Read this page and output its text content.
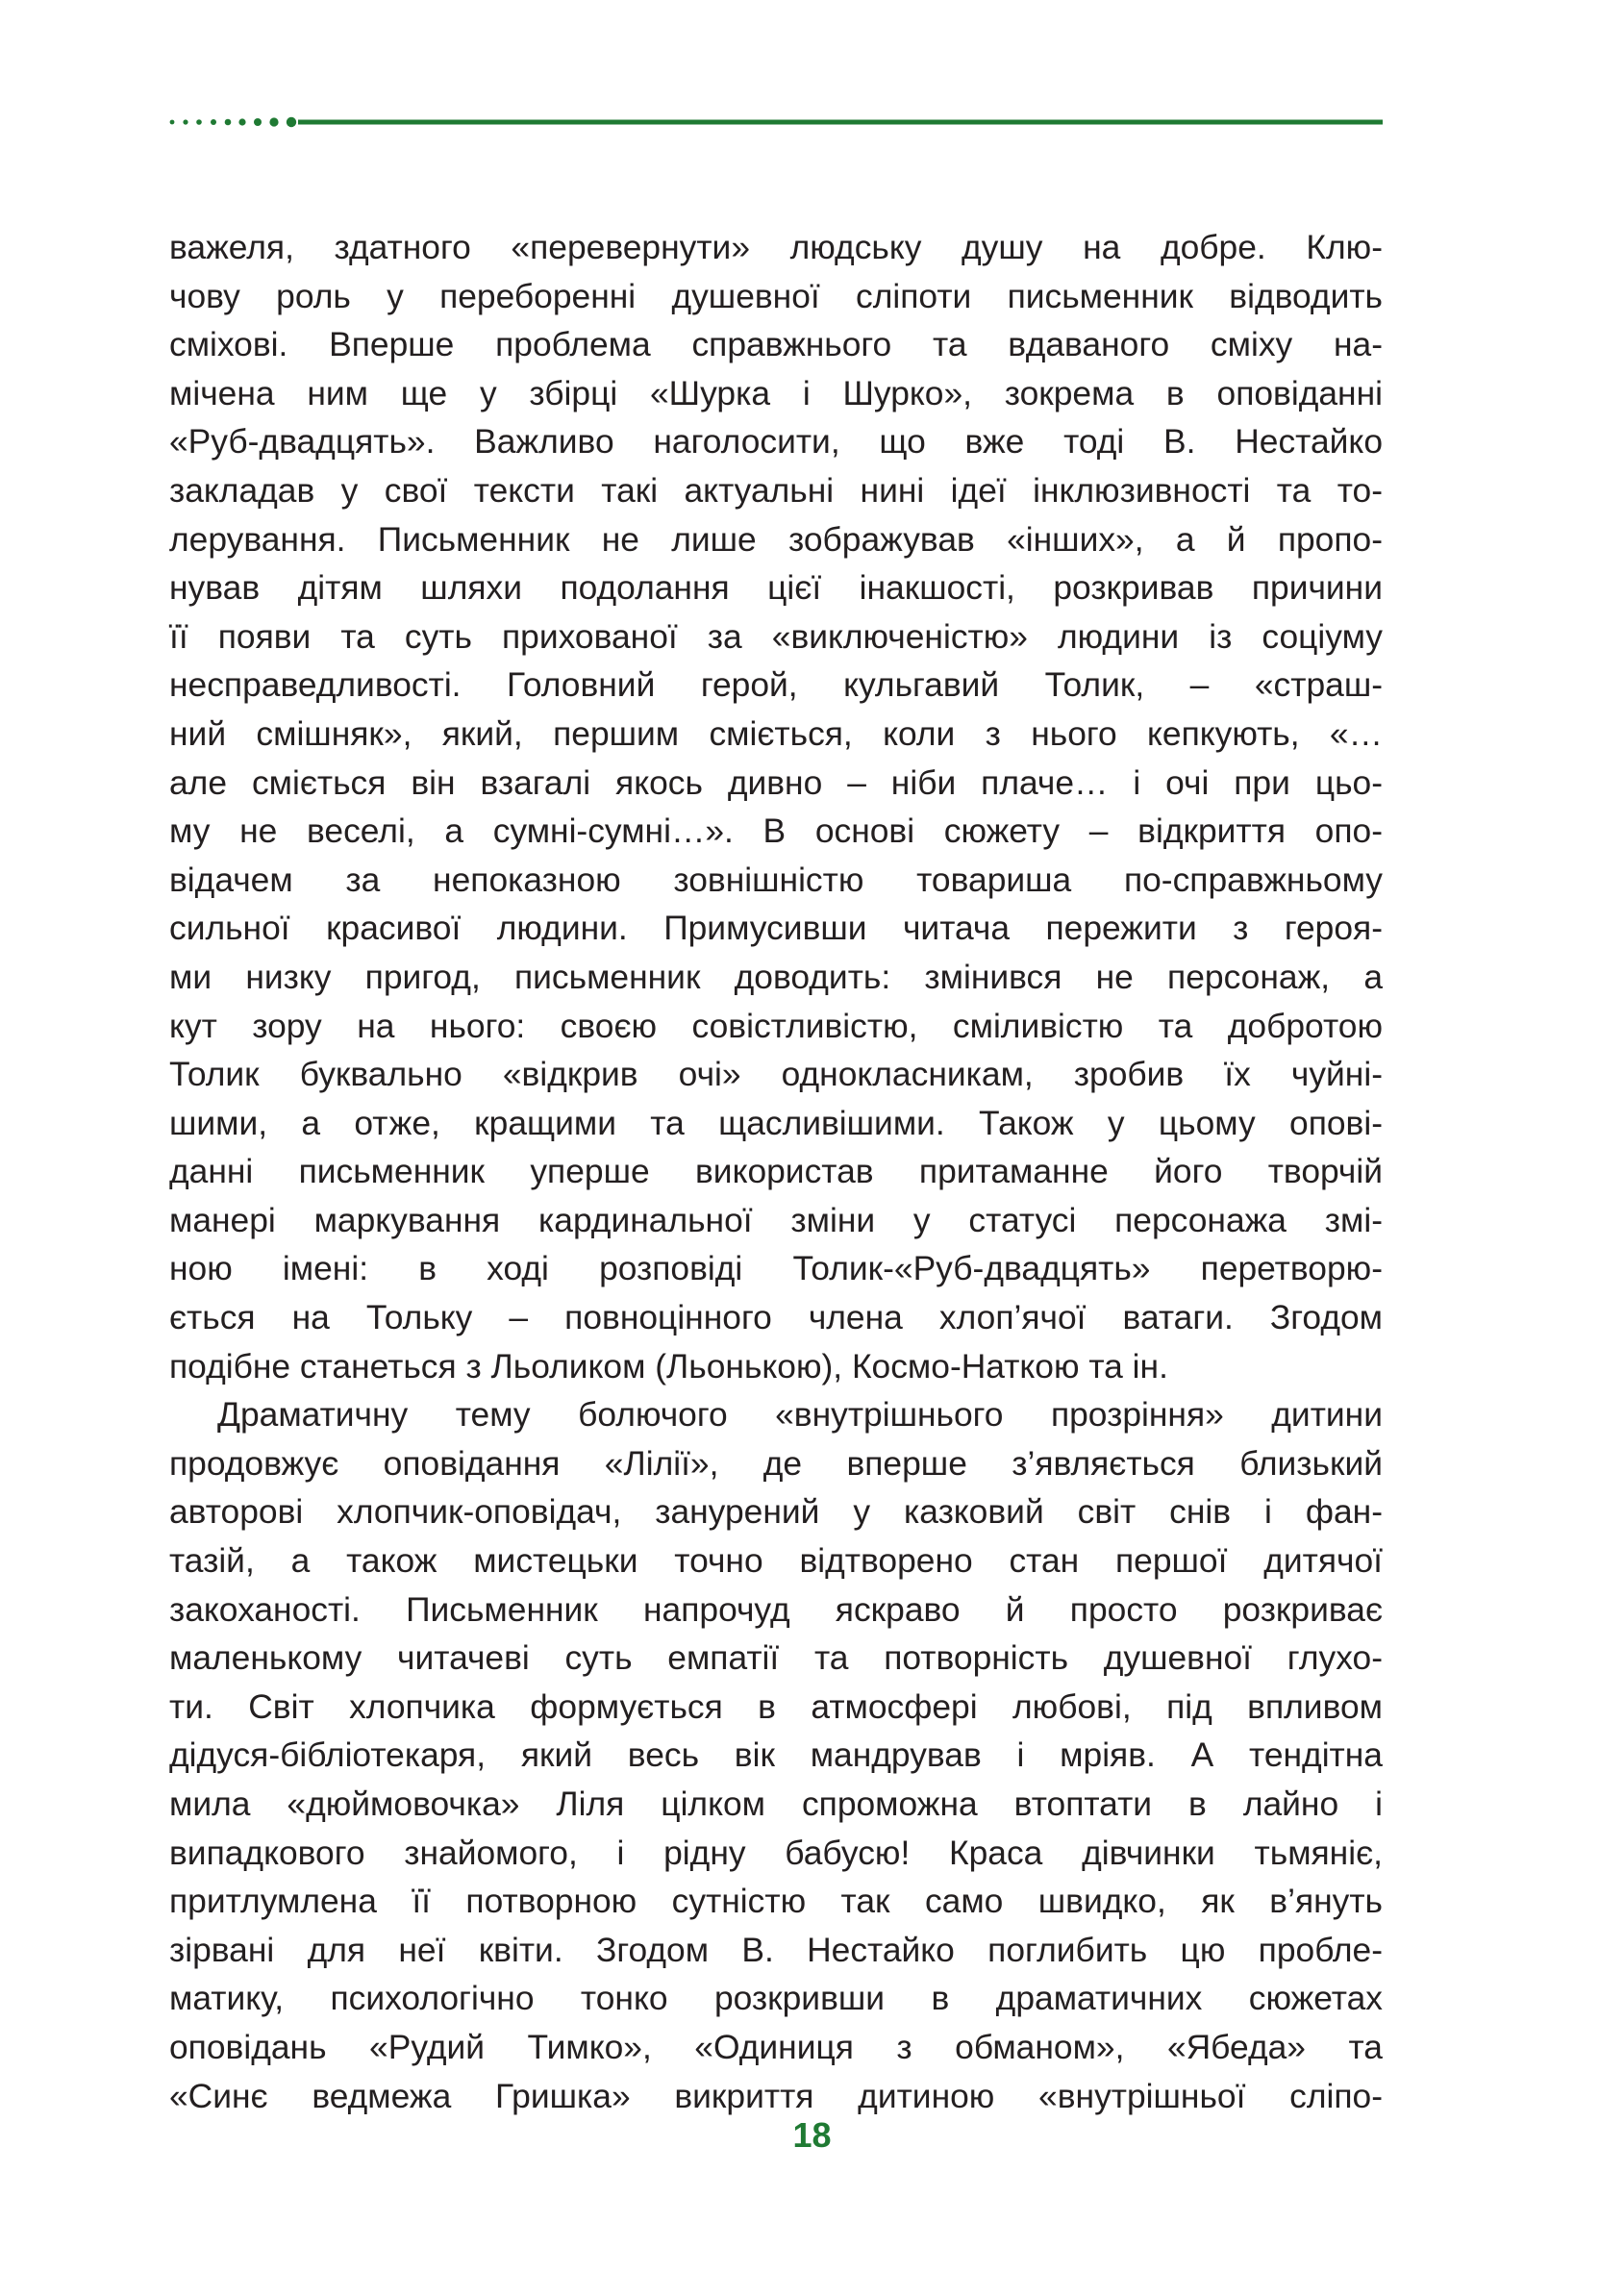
важеля, здатного «перевернути» людську душу на добре. Клю-
чову роль у переборенні душевної сліпоти письменник відводить
сміхові. Вперше проблема справжнього та вдаваного сміху на-
мічена ним ще у збірці «Шурка і Шурко», зокрема в оповіданні
«Руб-двадцять». Важливо наголосити, що вже тоді В. Нестайко
закладав у свої тексти такі актуальні нині ідеї інклюзивності та то-
лерування. Письменник не лише зображував «інших», а й пропо-
нував дітям шляхи подолання цієї інакшості, розкривав причини
її появи та суть прихованої за «виключеністю» людини із соціуму
несправедливості. Головний герой, кульгавий Толик, – «страш-
ний смішняк», який, першим сміється, коли з нього кепкують, «…
але сміється він взагалі якось дивно – ніби плаче… і очі при цьо-
му не веселі, а сумні-сумні…». В основі сюжету – відкриття опо-
відачем за непоказною зовнішністю товариша по-справжньому
сильної красивої людини. Примусивши читача пережити з героя-
ми низку пригод, письменник доводить: змінився не персонаж, а
кут зору на нього: своєю совістливістю, сміливістю та добротою
Толик буквально «відкрив очі» однокласникам, зробив їх чуйні-
шими, а отже, кращими та щасливішими. Також у цьому опові-
данні письменник уперше використав притаманне його творчій
манері маркування кардинальної зміни у статусі персонажа змі-
ною імені: в ході розповіді Толик-«Руб-двадцять» перетворю-
ється на Тольку – повноцінного члена хлоп’ячої ватаги. Згодом
подібне станеться з Льоликом (Льонькою), Космо-Наткою та ін.

Драматичну тему болючого «внутрішнього прозріння» дитини
продовжує оповідання «Лілії», де вперше з’являється близький
авторові хлопчик-оповідач, занурений у казковий світ снів і фан-
тазій, а також мистецьки точно відтворено стан першої дитячої
закоханості. Письменник напрочуд яскраво й просто розкриває
маленькому читачеві суть емпатії та потворність душевної глухо-
ти. Світ хлопчика формується в атмосфері любові, під впливом
дідуся-бібліотекаря, який весь вік мандрував і мріяв. А тендітна
мила «дюймовочка» Ліля цілком спроможна втоптати в лайно і
випадкового знайомого, і рідну бабусю! Краса дівчинки тьмяніє,
притлумлена її потворною сутністю так само швидко, як в’януть
зірвані для неї квіти. Згодом В. Нестайко поглибить цю пробле-
матику, психологічно тонко розкривши в драматичних сюжетах
оповідань «Рудий Тимко», «Одиниця з обманом», «Ябеда» та
«Синє ведмежа Гришка» викриття дитиною «внутрішньої сліпо-

18
